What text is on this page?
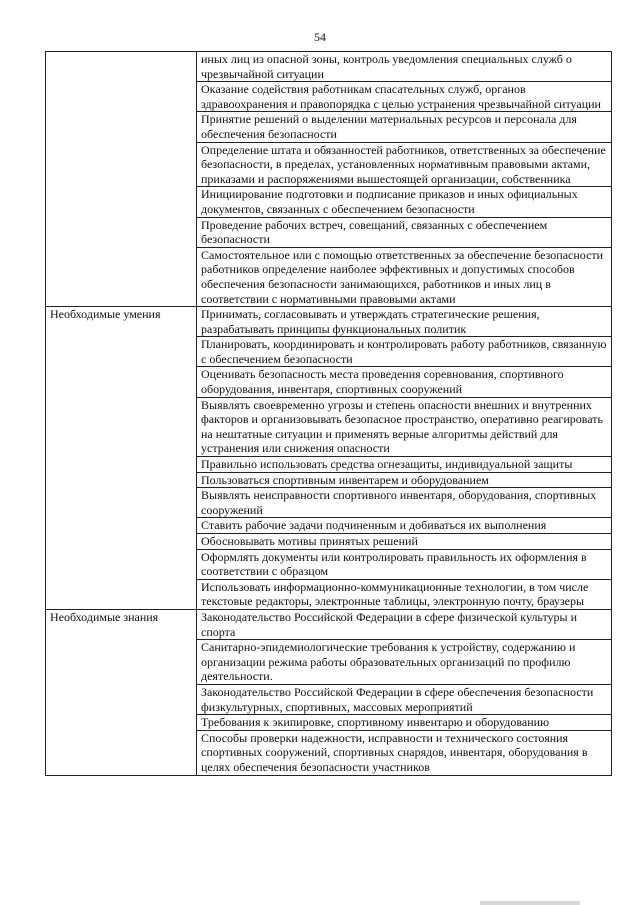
54
	иных лиц из опасной зоны, контроль уведомления специальных служб о чрезвычайной ситуации
	Оказание содействия работникам спасательных служб, органов здравоохранения и правопорядка с целью устранения чрезвычайной ситуации
	Принятие решений о выделении материальных ресурсов и персонала для обеспечения безопасности
	Определение штата и обязанностей работников, ответственных за обеспечение безопасности, в пределах, установленных нормативным правовыми актами, приказами и распоряжениями вышестоящей организации, собственника
	Инициирование подготовки и подписание приказов и иных официальных документов, связанных с обеспечением безопасности
	Проведение рабочих встреч, совещаний, связанных с обеспечением безопасности
	Самостоятельное или с помощью ответственных за обеспечение безопасности работников определение наиболее эффективных и допустимых способов обеспечения безопасности занимающихся, работников и иных лиц в соответствии с нормативными правовыми актами
Необходимые умения	Принимать, согласовывать и утверждать стратегические решения, разрабатывать принципы функциональных политик
	Планировать, координировать и контролировать работу работников, связанную с обеспечением безопасности
	Оценивать безопасность места проведения соревнования, спортивного оборудования, инвентаря, спортивных сооружений
	Выявлять своевременно угрозы и степень опасности внешних и внутренних факторов и организовывать безопасное пространство, оперативно реагировать на нештатные ситуации и применять верные алгоритмы действий для устранения или снижения опасности
	Правильно использовать средства огнезащиты, индивидуальной защиты
	Пользоваться спортивным инвентарем и оборудованием
	Выявлять неисправности спортивного инвентаря, оборудования, спортивных сооружений
	Ставить рабочие задачи подчиненным и добиваться их выполнения
	Обосновывать мотивы принятых решений
	Оформлять документы или контролировать правильность их оформления в соответствии с образцом
	Использовать информационно-коммуникационные технологии, в том числе текстовые редакторы, электронные таблицы, электронную почту, браузеры
Необходимые знания	Законодательство Российской Федерации в сфере физической культуры и спорта
	Санитарно-эпидемиологические требования к устройству, содержанию и организации режима работы образовательных организаций по профилю деятельности.
	Законодательство Российской Федерации в сфере обеспечения безопасности физкультурных, спортивных, массовых мероприятий
	Требования к экипировке, спортивному инвентарю и оборудованию
	Способы проверки надежности, исправности и технического состояния спортивных сооружений, спортивных снарядов, инвентаря, оборудования в целях обеспечения безопасности участников
